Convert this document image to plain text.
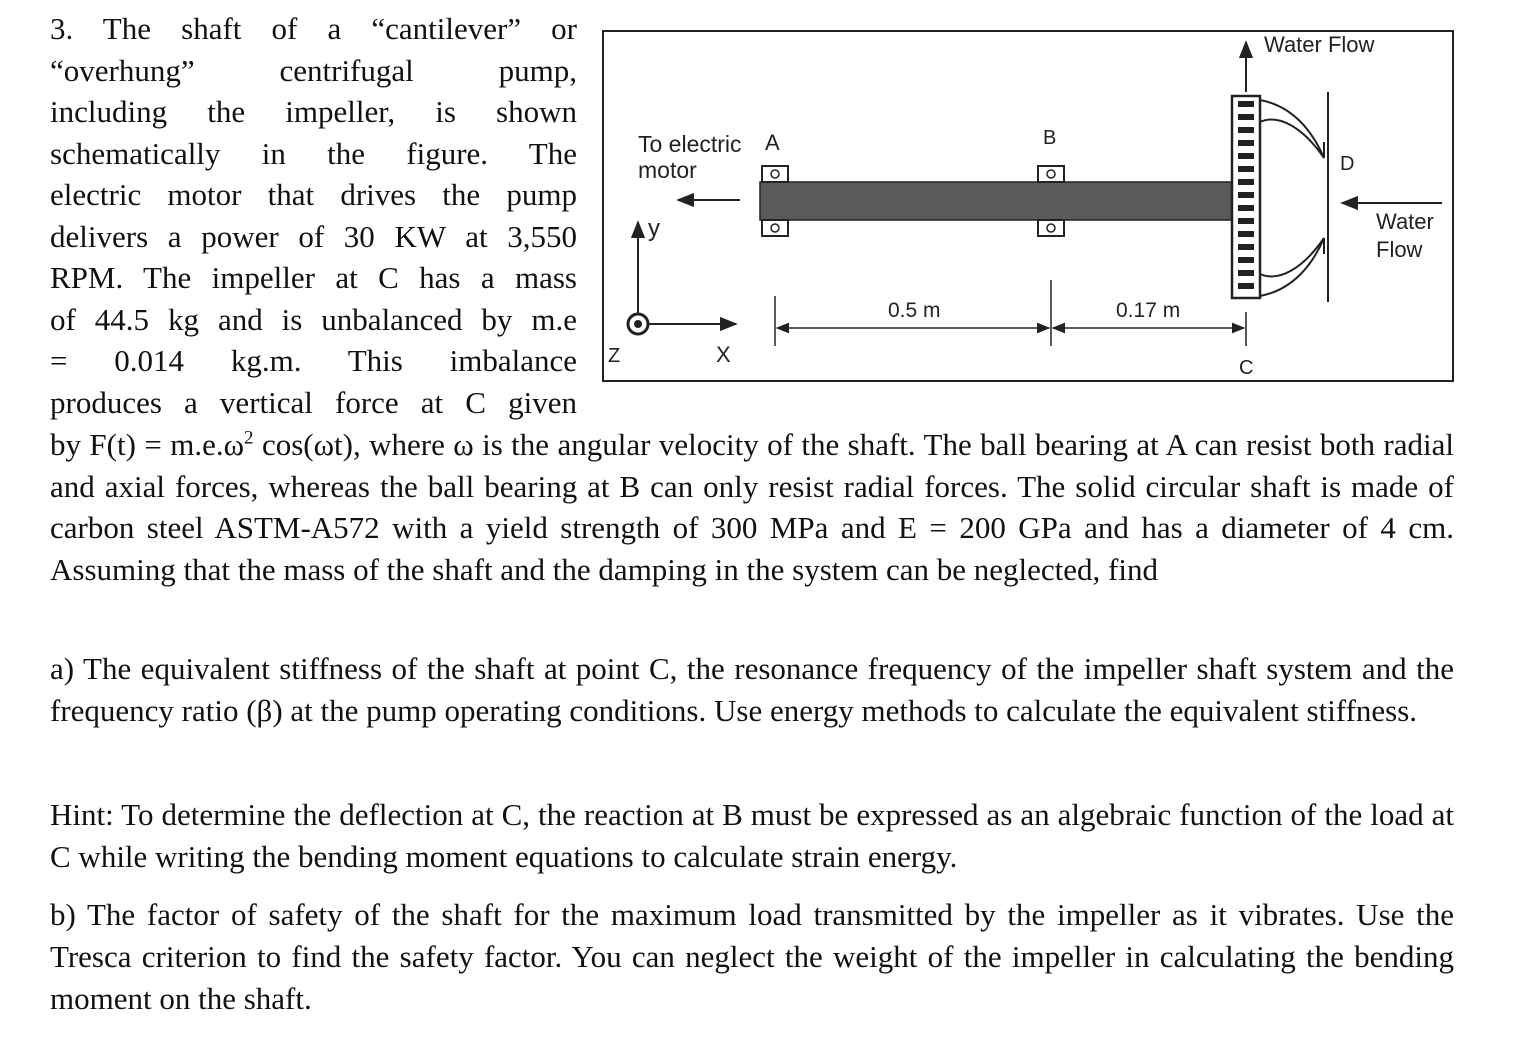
3. The shaft of a “cantilever” or
“overhung” centrifugal pump,
including the impeller, is shown
schematically in the figure. The
electric motor that drives the pump
delivers a power of 30 KW at 3,550
RPM. The impeller at C has a mass
of 44.5 kg and is unbalanced by m.e
= 0.014 kg.m. This imbalance
produces a vertical force at C given
by $F(t) = m.e.\omega^2$ cos(ωt), where ω is the angular velocity of the shaft. The ball bearing at A can resist both radial and axial forces, whereas the ball bearing at B can only resist radial forces. The solid circular shaft is made of carbon steel ASTM-A572 with a yield strength of 300 MPa and E = 200 GPa and has a diameter of 4 cm. Assuming that the mass of the shaft and the damping in the system can be neglected, find
a) The equivalent stiffness of the shaft at point C, the resonance frequency of the impeller shaft system and the frequency ratio (β) at the pump operating conditions. Use energy methods to calculate the equivalent stiffness.
Hint: To determine the deflection at C, the reaction at B must be expressed as an algebraic function of the load at C while writing the bending moment equations to calculate strain energy.
b) The factor of safety of the shaft for the maximum load transmitted by the impeller as it vibrates. Use the Tresca criterion to find the safety factor. You can neglect the weight of the impeller in calculating the bending moment on the shaft.
Water Flow
Water
Flow
D
To electric
motor
A	B
y
X
Z
0.5 m	0.17 m
C
